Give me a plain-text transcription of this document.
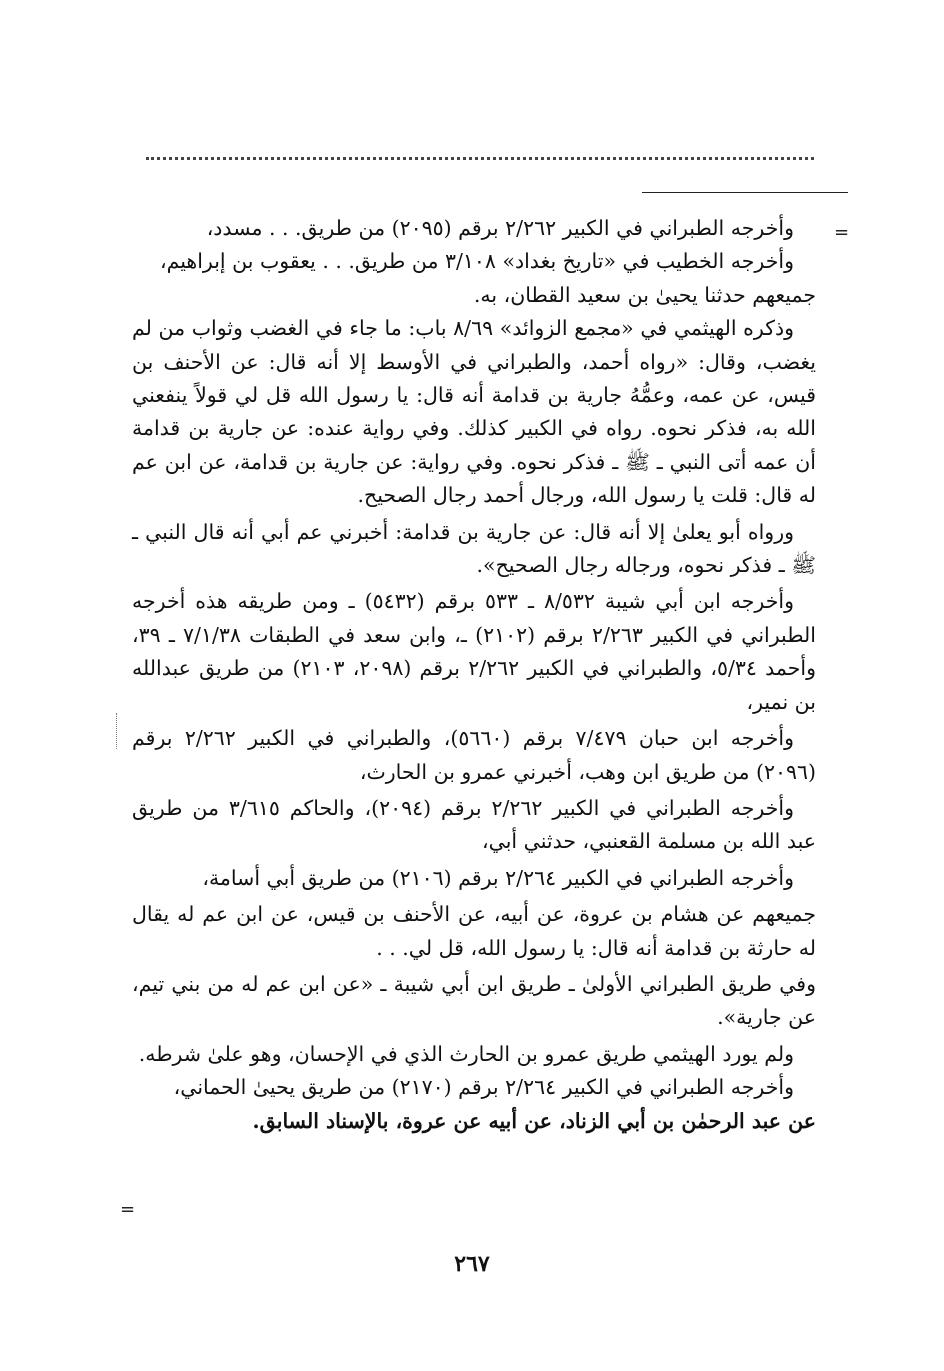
=

وأخرجه الطبراني في الكبير ٢/٢٦٢ برقم (٢٠٩٥) من طريق. . . مسدد،

وأخرجه الخطيب في «تاريخ بغداد» ٣/١٠٨ من طريق. . . يعقوب بن إبراهيم،

جميعهم حدثنا يحيىٰ بن سعيد القطان، به.

وذكره الهيثمي في «مجمع الزوائد» ٨/٦٩ باب: ما جاء في الغضب وثواب من لم يغضب، وقال: «رواه أحمد، والطبراني في الأوسط إلا أنه قال: عن الأحنف بن قيس، عن عمه، وعمُّهُ جارية بن قدامة أنه قال: يا رسول الله قل لي قولاً ينفعني الله به، فذكر نحوه. رواه في الكبير كذلك. وفي رواية عنده: عن جارية بن قدامة أن عمه أتى النبي ـ ﷺ ـ فذكر نحوه. وفي رواية: عن جارية بن قدامة، عن ابن عم له قال: قلت يا رسول الله، ورجال أحمد رجال الصحيح.

ورواه أبو يعلىٰ إلا أنه قال: عن جارية بن قدامة: أخبرني عم أبي أنه قال النبي ـ ﷺ ـ فذكر نحوه، ورجاله رجال الصحيح».

وأخرجه ابن أبي شيبة ٨/٥٣٢ ـ ٥٣٣ برقم (٥٤٣٢) ـ ومن طريقه هذه أخرجه الطبراني في الكبير ٢/٢٦٣ برقم (٢١٠٢) ـ، وابن سعد في الطبقات ٧/١/٣٨ ـ ٣٩، وأحمد ٥/٣٤، والطبراني في الكبير ٢/٢٦٢ برقم (٢٠٩٨، ٢١٠٣) من طريق عبدالله بن نمير،

وأخرجه ابن حبان ٧/٤٧٩ برقم (٥٦٦٠)، والطبراني في الكبير ٢/٢٦٢ برقم (٢٠٩٦) من طريق ابن وهب، أخبرني عمرو بن الحارث،

وأخرجه الطبراني في الكبير ٢/٢٦٢ برقم (٢٠٩٤)، والحاكم ٣/٦١٥ من طريق عبد الله بن مسلمة القعنبي، حدثني أبي،

وأخرجه الطبراني في الكبير ٢/٢٦٤ برقم (٢١٠٦) من طريق أبي أسامة،

جميعهم عن هشام بن عروة، عن أبيه، عن الأحنف بن قيس، عن ابن عم له يقال له حارثة بن قدامة أنه قال: يا رسول الله، قل لي. . .

وفي طريق الطبراني الأولىٰ ـ طريق ابن أبي شيبة ـ «عن ابن عم له من بني تيم، عن جارية».

ولم يورد الهيثمي طريق عمرو بن الحارث الذي في الإحسان، وهو علىٰ شرطه.

وأخرجه الطبراني في الكبير ٢/٢٦٤ برقم (٢١٧٠) من طريق يحيىٰ الحماني،

عن عبد الرحمٰن بن أبي الزناد، عن أبيه عن عروة، بالإسناد السابق.

=
٢٦٧
